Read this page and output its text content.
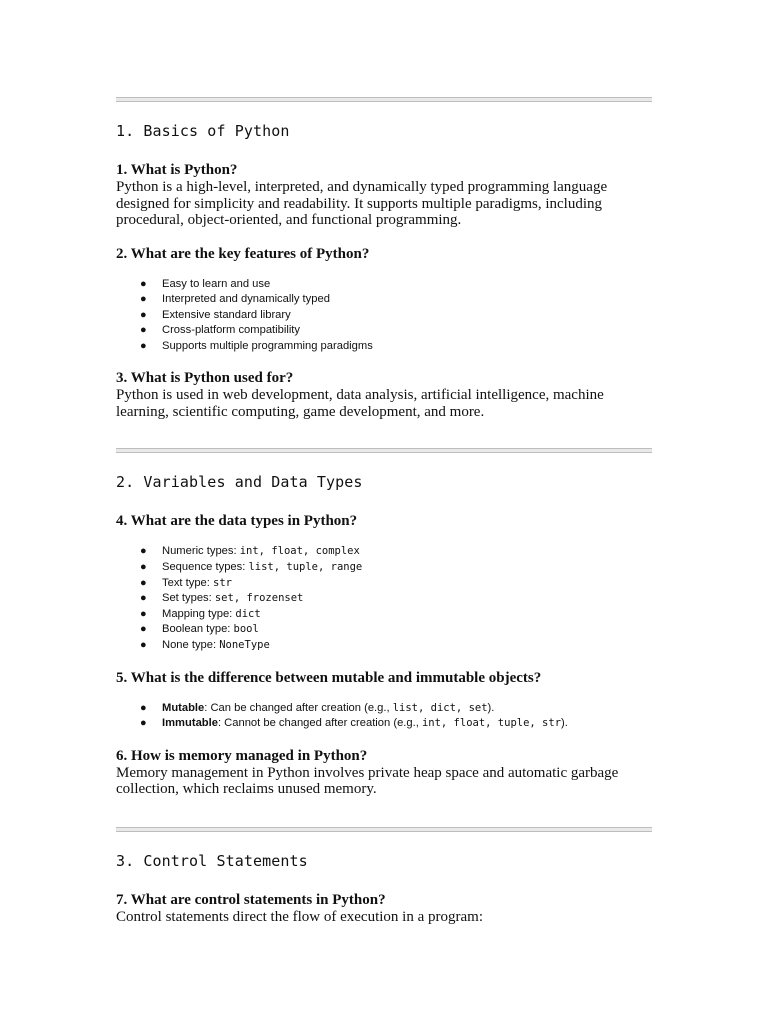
1. Basics of Python

1. What is Python?

Python is a high-level, interpreted, and dynamically typed programming language designed for simplicity and readability. It supports multiple paradigms, including procedural, object-oriented, and functional programming.

2. What are the key features of Python?

● Easy to learn and use
● Interpreted and dynamically typed
● Extensive standard library
● Cross-platform compatibility
● Supports multiple programming paradigms

3. What is Python used for?

Python is used in web development, data analysis, artificial intelligence, machine learning, scientific computing, game development, and more.

2. Variables and Data Types

4. What are the data types in Python?

● Numeric types: int, float, complex
● Sequence types: list, tuple, range
● Text type: str
● Set types: set, frozenset
● Mapping type: dict
● Boolean type: bool
● None type: NoneType

5. What is the difference between mutable and immutable objects?

● Mutable: Can be changed after creation (e.g., list, dict, set).
● Immutable: Cannot be changed after creation (e.g., int, float, tuple, str).

6. How is memory managed in Python?

Memory management in Python involves private heap space and automatic garbage collection, which reclaims unused memory.

3. Control Statements

7. What are control statements in Python?

Control statements direct the flow of execution in a program:
